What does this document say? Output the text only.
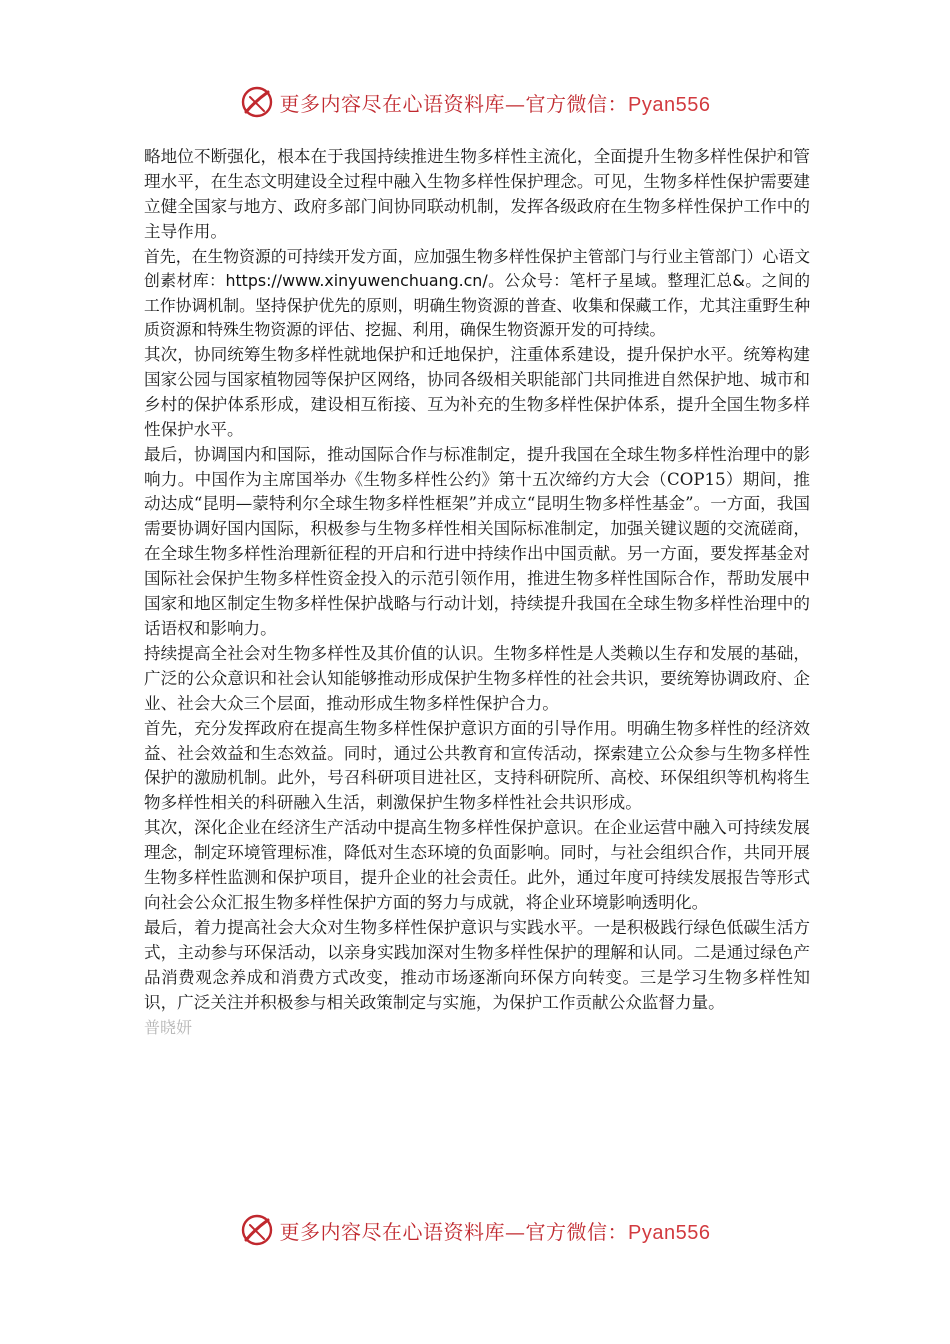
更多内容尽在心语资料库—官方微信：Pyan556

略地位不断强化，根本在于我国持续推进生物多样性主流化，全面提升生物多样性保护和管理水平，在生态文明建设全过程中融入生物多样性保护理念。可见，生物多样性保护需要建立健全国家与地方、政府多部门间协同联动机制，发挥各级政府在生物多样性保护工作中的主导作用。

首先，在生物资源的可持续开发方面，应加强生物多样性保护主管部门与行业主管部门）心语文创素材库：https://www.xinyuwenchuang.cn/。公众号：笔杆子星域。整理汇总&。之间的工作协调机制。坚持保护优先的原则，明确生物资源的普查、收集和保藏工作，尤其注重野生种质资源和特殊生物资源的评估、挖掘、利用，确保生物资源开发的可持续。

其次，协同统筹生物多样性就地保护和迁地保护，注重体系建设，提升保护水平。统筹构建国家公园与国家植物园等保护区网络，协同各级相关职能部门共同推进自然保护地、城市和乡村的保护体系形成，建设相互衔接、互为补充的生物多样性保护体系，提升全国生物多样性保护水平。

最后，协调国内和国际，推动国际合作与标准制定，提升我国在全球生物多样性治理中的影响力。中国作为主席国举办《生物多样性公约》第十五次缔约方大会（COP15）期间，推动达成“昆明—蒙特利尔全球生物多样性框架”并成立“昆明生物多样性基金”。一方面，我国需要协调好国内国际，积极参与生物多样性相关国际标准制定，加强关键议题的交流磋商，在全球生物多样性治理新征程的开启和行进中持续作出中国贡献。另一方面，要发挥基金对国际社会保护生物多样性资金投入的示范引领作用，推进生物多样性国际合作，帮助发展中国家和地区制定生物多样性保护战略与行动计划，持续提升我国在全球生物多样性治理中的话语权和影响力。

持续提高全社会对生物多样性及其价值的认识。生物多样性是人类赖以生存和发展的基础，广泛的公众意识和社会认知能够推动形成保护生物多样性的社会共识，要统筹协调政府、企业、社会大众三个层面，推动形成生物多样性保护合力。

首先，充分发挥政府在提高生物多样性保护意识方面的引导作用。明确生物多样性的经济效益、社会效益和生态效益。同时，通过公共教育和宣传活动，探索建立公众参与生物多样性保护的激励机制。此外，号召科研项目进社区，支持科研院所、高校、环保组织等机构将生物多样性相关的科研融入生活，刺激保护生物多样性社会共识形成。

其次，深化企业在经济生产活动中提高生物多样性保护意识。在企业运营中融入可持续发展理念，制定环境管理标准，降低对生态环境的负面影响。同时，与社会组织合作，共同开展生物多样性监测和保护项目，提升企业的社会责任。此外，通过年度可持续发展报告等形式向社会公众汇报生物多样性保护方面的努力与成就，将企业环境影响透明化。

最后，着力提高社会大众对生物多样性保护意识与实践水平。一是积极践行绿色低碳生活方式，主动参与环保活动，以亲身实践加深对生物多样性保护的理解和认同。二是通过绿色产品消费观念养成和消费方式改变，推动市场逐渐向环保方向转变。三是学习生物多样性知识，广泛关注并积极参与相关政策制定与实施，为保护工作贡献公众监督力量。

普晓妍
更多内容尽在心语资料库—官方微信：Pyan556
